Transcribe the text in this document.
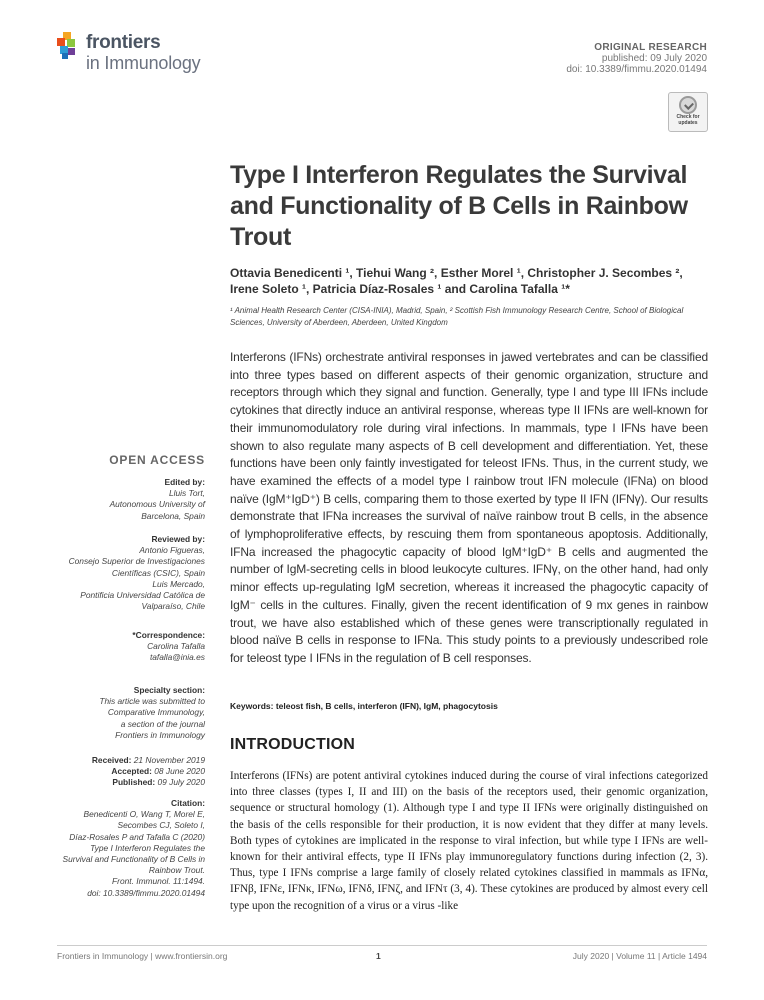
frontiers
in Immunology
ORIGINAL RESEARCH
published: 09 July 2020
doi: 10.3389/fimmu.2020.01494
Check for
updates
Type I Interferon Regulates the Survival and Functionality of B Cells in Rainbow Trout
Ottavia Benedicenti ¹, Tiehui Wang ², Esther Morel ¹, Christopher J. Secombes ²,
Irene Soleto ¹, Patricia Díaz-Rosales ¹ and Carolina Tafalla ¹*
¹ Animal Health Research Center (CISA-INIA), Madrid, Spain, ² Scottish Fish Immunology Research Centre, School of Biological Sciences, University of Aberdeen, Aberdeen, United Kingdom
Interferons (IFNs) orchestrate antiviral responses in jawed vertebrates and can be classified into three types based on different aspects of their genomic organization, structure and receptors through which they signal and function. Generally, type I and type III IFNs include cytokines that directly induce an antiviral response, whereas type II IFNs are well-known for their immunomodulatory role during viral infections. In mammals, type I IFNs have been shown to also regulate many aspects of B cell development and differentiation. Yet, these functions have been only faintly investigated for teleost IFNs. Thus, in the current study, we have examined the effects of a model type I rainbow trout IFN molecule (IFNa) on blood naïve (IgM⁺IgD⁺) B cells, comparing them to those exerted by type II IFN (IFNγ). Our results demonstrate that IFNa increases the survival of naïve rainbow trout B cells, in the absence of lymphoproliferative effects, by rescuing them from spontaneous apoptosis. Additionally, IFNa increased the phagocytic capacity of blood IgM⁺IgD⁺ B cells and augmented the number of IgM-secreting cells in blood leukocyte cultures. IFNγ, on the other hand, had only minor effects up-regulating IgM secretion, whereas it increased the phagocytic capacity of IgM⁻ cells in the cultures. Finally, given the recent identification of 9 mx genes in rainbow trout, we have also established which of these genes were transcriptionally regulated in blood naïve B cells in response to IFNa. This study points to a previously undescribed role for teleost type I IFNs in the regulation of B cell responses.
Keywords: teleost fish, B cells, interferon (IFN), IgM, phagocytosis
INTRODUCTION
Interferons (IFNs) are potent antiviral cytokines induced during the course of viral infections categorized into three classes (types I, II and III) on the basis of the receptors used, their genomic organization, sequence or structural homology (1). Although type I and type II IFNs were originally distinguished on the basis of the cells responsible for their production, it is now evident that they differ at many levels. Both types of cytokines are implicated in the response to viral infection, but while type I IFNs are well-known for their antiviral effects, type II IFNs play immunoregulatory functions during infection (2, 3). Thus, type I IFNs comprise a large family of closely related cytokines classified in mammals as IFNα, IFNβ, IFNε, IFNκ, IFNω, IFNδ, IFNζ, and IFNτ (3, 4). These cytokines are produced by almost every cell type upon the recognition of a virus or a virus -like
OPEN ACCESS
Edited by:
Lluis Tort,
Autonomous University of
Barcelona, Spain
Reviewed by:
Antonio Figueras,
Consejo Superior de Investigaciones
Científicas (CSIC), Spain
Luis Mercado,
Pontificia Universidad Católica de
Valparaíso, Chile
*Correspondence:
Carolina Tafalla
tafalla@inia.es
Specialty section:
This article was submitted to
Comparative Immunology,
a section of the journal
Frontiers in Immunology
Received: 21 November 2019
Accepted: 08 June 2020
Published: 09 July 2020
Citation:
Benedicenti O, Wang T, Morel E,
Secombes CJ, Soleto I,
Díaz-Rosales P and Tafalla C (2020)
Type I Interferon Regulates the
Survival and Functionality of B Cells in
Rainbow Trout.
Front. Immunol. 11:1494.
doi: 10.3389/fimmu.2020.01494
Frontiers in Immunology | www.frontiersin.org	1	July 2020 | Volume 11 | Article 1494
